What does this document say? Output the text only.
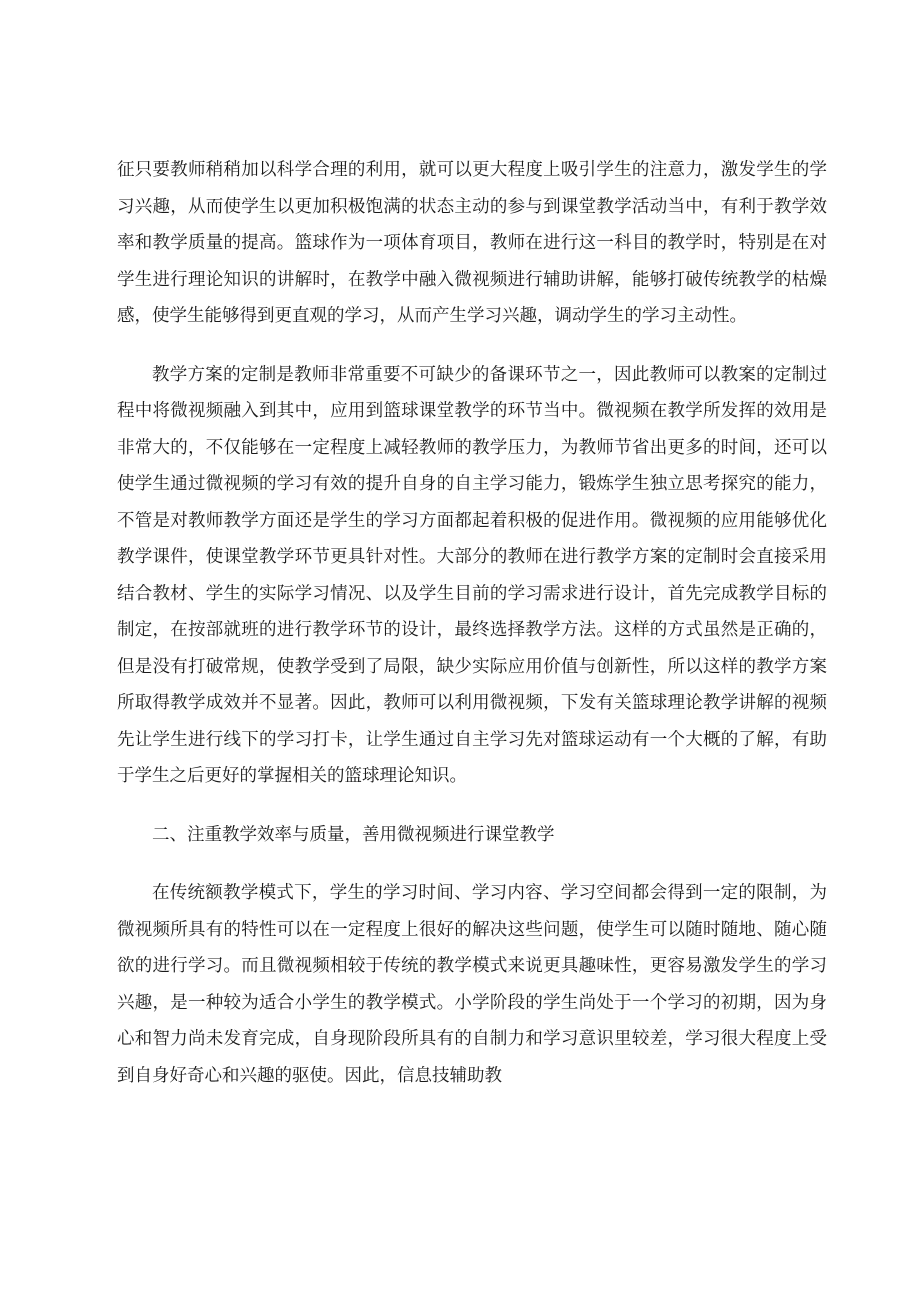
征只要教师稍稍加以科学合理的利用，就可以更大程度上吸引学生的注意力，激发学生的学习兴趣，从而使学生以更加积极饱满的状态主动的参与到课堂教学活动当中，有利于教学效率和教学质量的提高。篮球作为一项体育项目，教师在进行这一科目的教学时，特别是在对学生进行理论知识的讲解时，在教学中融入微视频进行辅助讲解，能够打破传统教学的枯燥感，使学生能够得到更直观的学习，从而产生学习兴趣，调动学生的学习主动性。

教学方案的定制是教师非常重要不可缺少的备课环节之一，因此教师可以教案的定制过程中将微视频融入到其中，应用到篮球课堂教学的环节当中。微视频在教学所发挥的效用是非常大的，不仅能够在一定程度上减轻教师的教学压力，为教师节省出更多的时间，还可以使学生通过微视频的学习有效的提升自身的自主学习能力，锻炼学生独立思考探究的能力，不管是对教师教学方面还是学生的学习方面都起着积极的促进作用。微视频的应用能够优化教学课件，使课堂教学环节更具针对性。大部分的教师在进行教学方案的定制时会直接采用结合教材、学生的实际学习情况、以及学生目前的学习需求进行设计，首先完成教学目标的制定，在按部就班的进行教学环节的设计，最终选择教学方法。这样的方式虽然是正确的，但是没有打破常规，使教学受到了局限，缺少实际应用价值与创新性，所以这样的教学方案所取得教学成效并不显著。因此，教师可以利用微视频，下发有关篮球理论教学讲解的视频先让学生进行线下的学习打卡，让学生通过自主学习先对篮球运动有一个大概的了解，有助于学生之后更好的掌握相关的篮球理论知识。

二、注重教学效率与质量，善用微视频进行课堂教学

在传统额教学模式下，学生的学习时间、学习内容、学习空间都会得到一定的限制，为微视频所具有的特性可以在一定程度上很好的解决这些问题，使学生可以随时随地、随心随欲的进行学习。而且微视频相较于传统的教学模式来说更具趣味性，更容易激发学生的学习兴趣，是一种较为适合小学生的教学模式。小学阶段的学生尚处于一个学习的初期，因为身心和智力尚未发育完成，自身现阶段所具有的自制力和学习意识里较差，学习很大程度上受到自身好奇心和兴趣的驱使。因此，信息技辅助教
